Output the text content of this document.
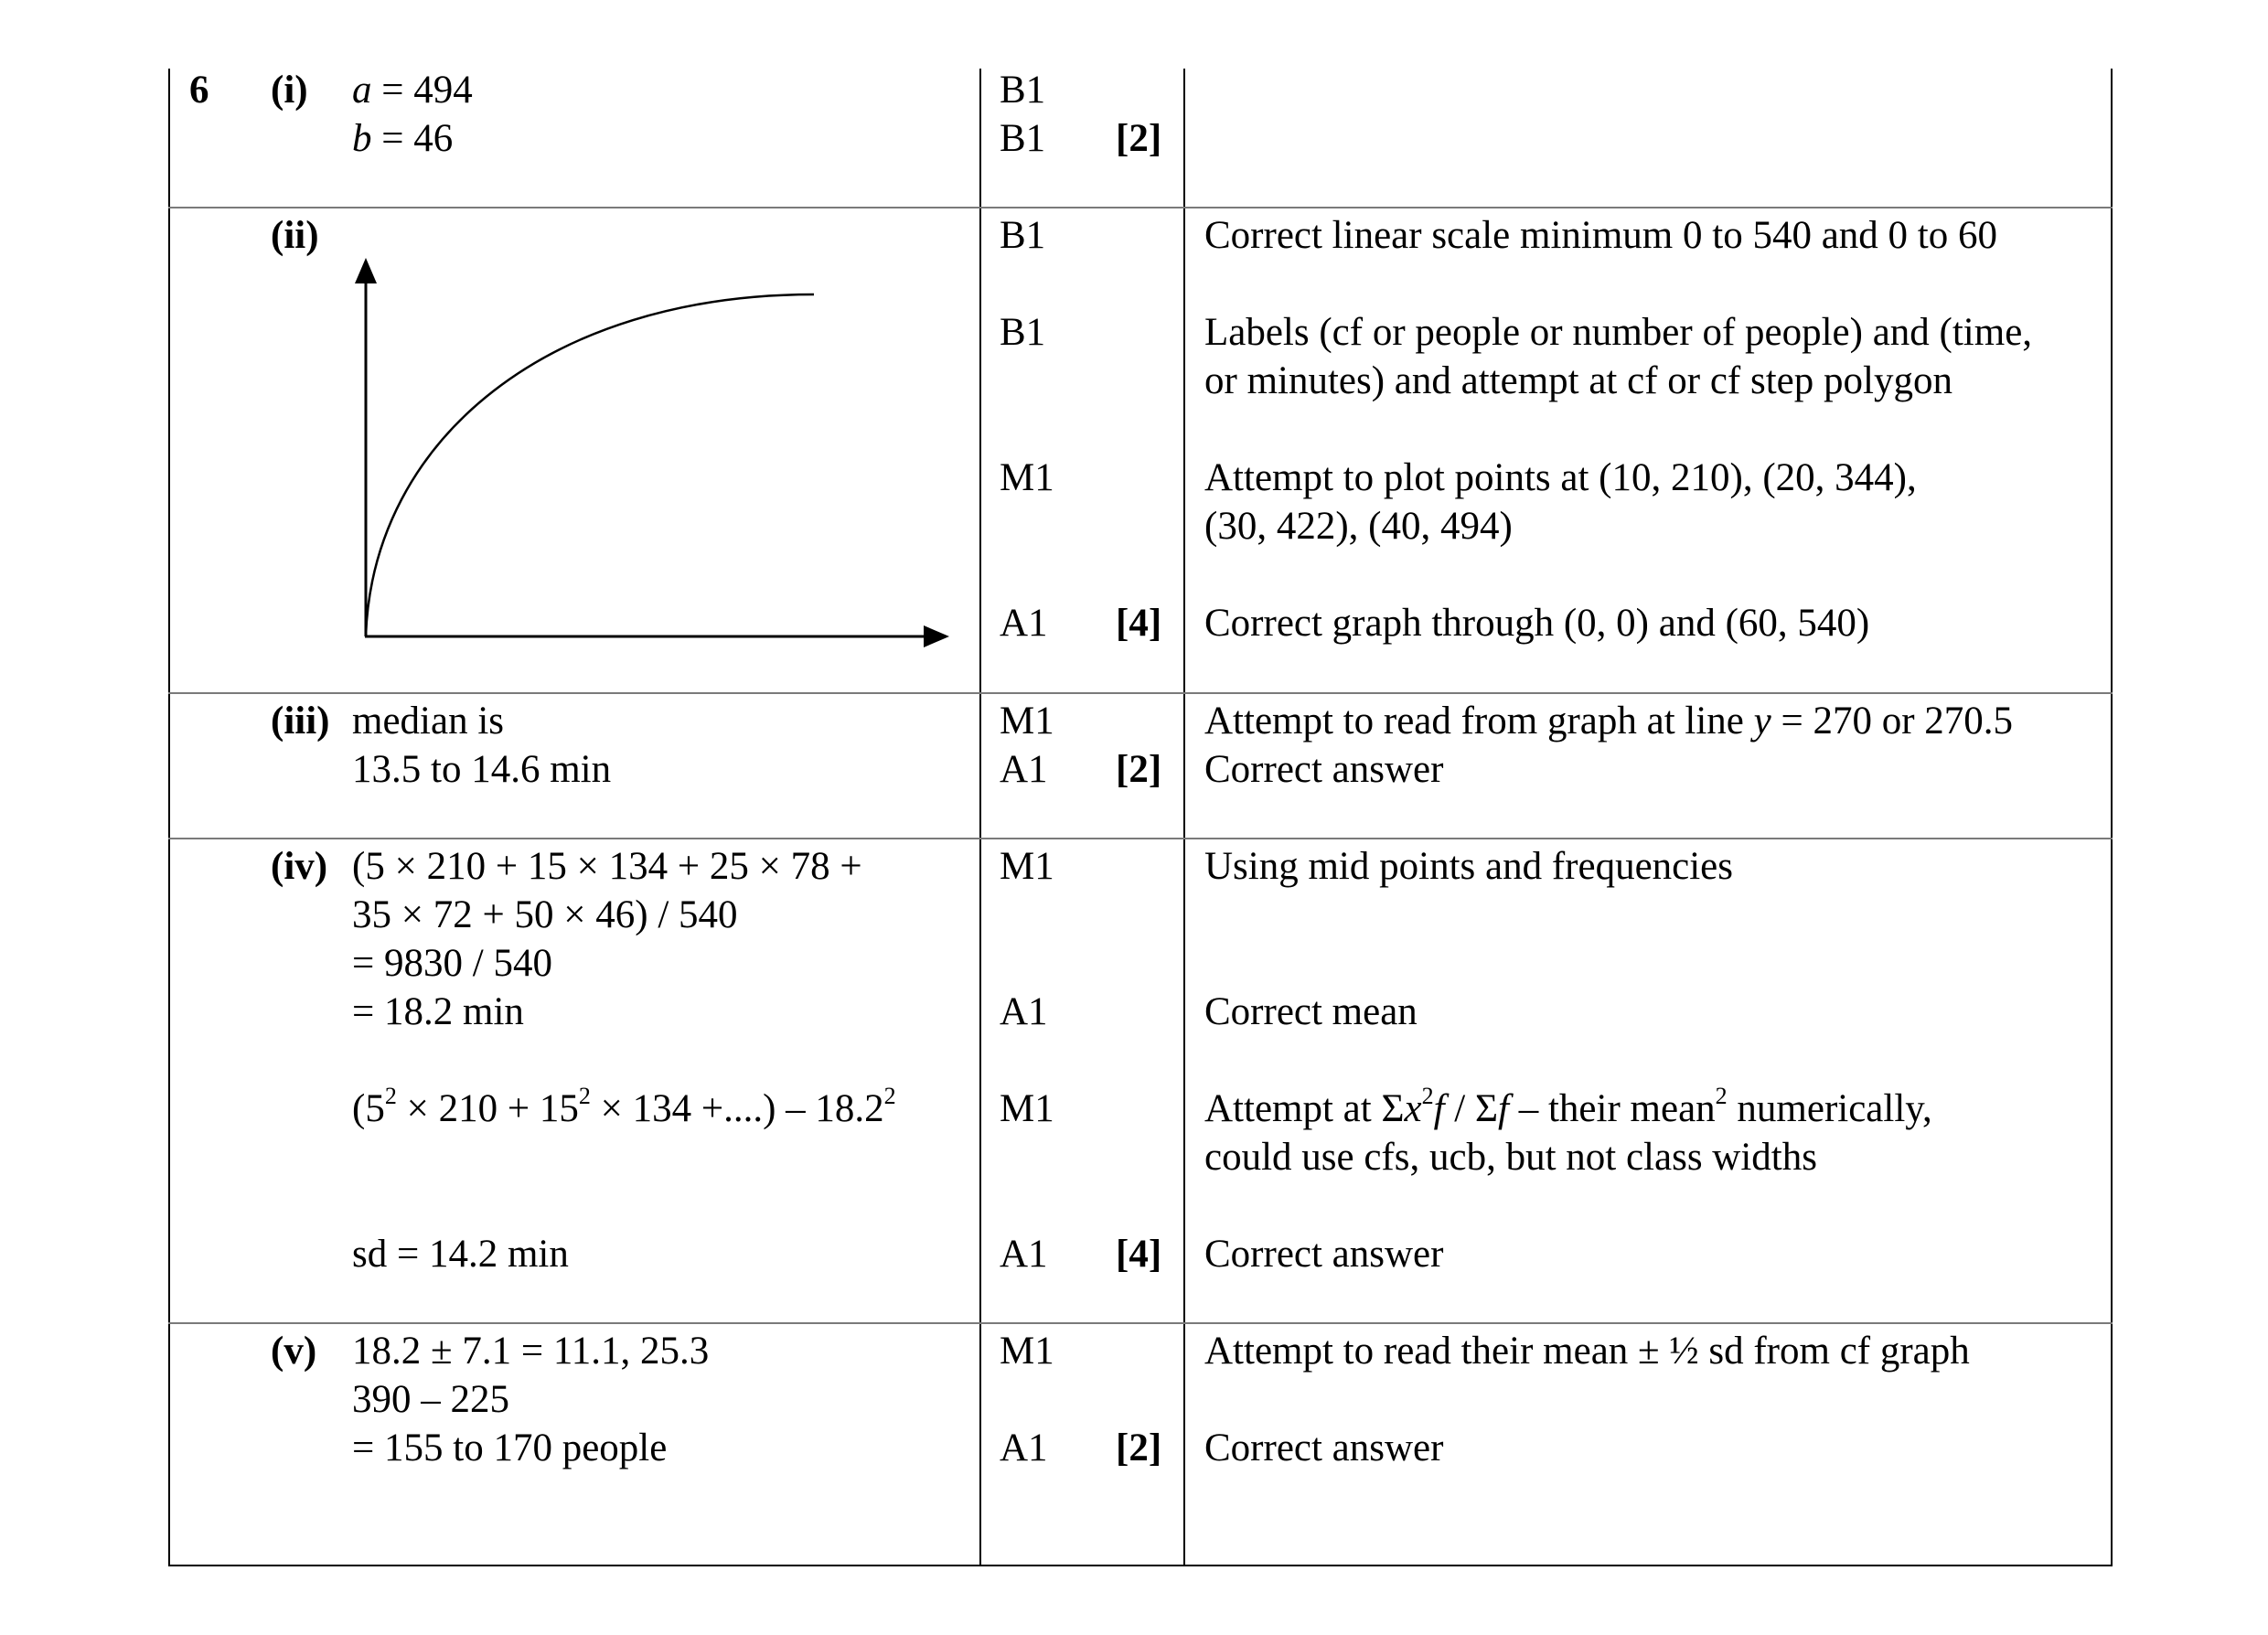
6 (i) a = 494
b = 46
B1
B1 [2]
(ii)	B1
B1
M1
A1 [4]
Correct linear scale minimum 0 to 540 and 0 to 60
Labels (cf or people or number of people) and (time,
or minutes) and attempt at cf or cf step polygon
Attempt to plot points at (10, 210), (20, 344),
(30, 422), (40, 494)
Correct graph through (0, 0) and (60, 540)
(iii) median is
13.5 to 14.6 min
M1
A1 [2]
Attempt to read from graph at line y = 270 or 270.5
Correct answer
(iv) (5 × 210 + 15 × 134 + 25 × 78 +
35 × 72 + 50 × 46) / 540
= 9830 / 540
= 18.2 min
($5^2 \times 210 + 15^2 \times 134$ +....) – 18.2$^2$
sd = 14.2 min
M1
A1
M1
A1 [4]
Using mid points and frequencies
Correct mean
Attempt at $\Sigma x^2f$ / Σf – their mean$^2$ numerically,
could use cfs, ucb, but not class widths
Correct answer
(v) 18.2 ± 7.1 = 11.1, 25.3
390 – 225
= 155 to 170 people
M1
A1 [2]
Attempt to read their mean ± ½ sd from cf graph
Correct answer
